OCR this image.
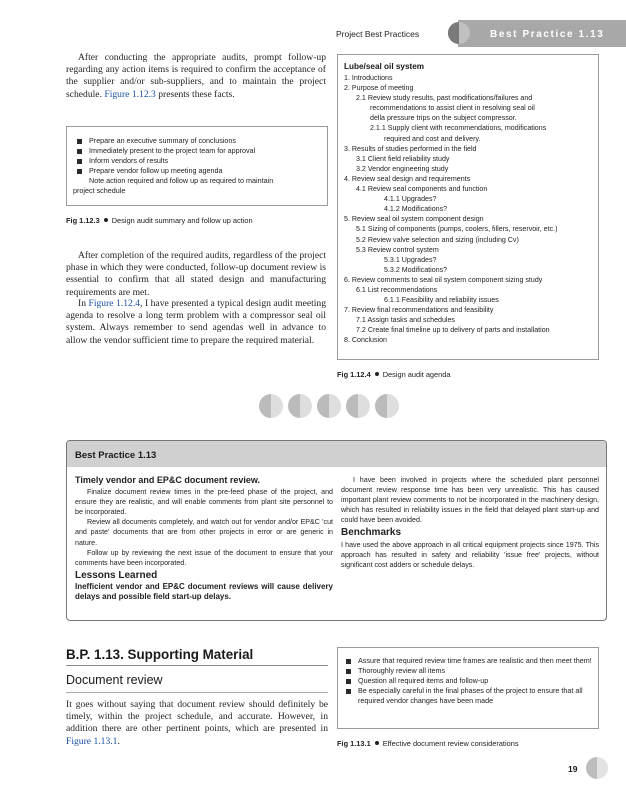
Project Best Practices	Best Practice 1.13

After conducting the appropriate audits, prompt follow-up regarding any action items is required to confirm the acceptance of the supplier and/or sub-suppliers, and to maintain the project schedule. Figure 1.12.3 presents these facts.

Prepare an executive summary of conclusions
Immediately present to the project team for approval
Inform vendors of results
Prepare vendor follow up meeting agenda
Note action required and follow up as required to maintain
project schedule
Fig 1.12.3 Design audit summary and follow up action

After completion of the required audits, regardless of the project phase in which they were conducted, follow-up document review is essential to confirm that all stated design and manufacturing requirements are met.

In Figure 1.12.4, I have presented a typical design audit meeting agenda to resolve a long term problem with a compressor seal oil system. Always remember to send agendas well in advance to allow the vendor sufficient time to prepare the required material.

Lube/seal oil system
1. Introductions
2. Purpose of meeting
2.1 Review study results, past modifications/failures and
recommendations to assist client in resolving seal oil
della pressure trips on the subject compressor.
2.1.1 Supply client with recommendations, modifications
required and cost and delivery.
3. Results of studies performed in the field
3.1 Client field reliability study
3.2 Vendor engineering study
4. Review seal design and requirements
4.1 Review seal components and function
4.1.1 Upgrades?
4.1.2 Modifications?
5. Review seal oil system component design
5.1 Sizing of components (pumps, coolers, fillers, reservoir, etc.)
5.2 Review valve selection and sizing (including Cv)
5.3 Review control system
5.3.1 Upgrades?
5.3.2 Modifications?
6. Review comments to seal oil system component sizing study
6.1 List recommendations
6.1.1 Feasibility and reliability issues
7. Review final recommendations and feasibility
7.1 Assign tasks and schedules
7.2 Create final timeline up to delivery of parts and installation
8. Conclusion
Fig 1.12.4 Design audit agenda
Best Practice 1.13
Timely vendor and EP&C document review.

Finalize document review times in the pre-feed phase of the project, and ensure they are realistic, and will enable comments from plant site personnel to be incorporated.

Review all documents completely, and watch out for vendor and/or EP&C 'cut and paste' documents that are from other projects in error or are generic in nature.

Follow up by reviewing the next issue of the document to ensure that your comments have been incorporated.

Lessons Learned

Inefficient vendor and EP&C document reviews will cause delivery delays and possible field start-up delays.

I have been involved in projects where the scheduled plant personnel document review response time has been very unrealistic. This has caused important plant review comments to not be incorporated in the machinery design, which has resulted in reliability issues in the field that delayed plant start-up and could have been avoided.

Benchmarks

I have used the above approach in all critical equipment projects since 1975. This approach has resulted in safety and reliability 'issue free' projects, without significant cost adders or schedule delays.

B.P. 1.13. Supporting Material
Document review

It goes without saying that document review should definitely be timely, within the project schedule, and accurate. However, in addition there are other pertinent points, which are presented in Figure 1.13.1.

Assure that required review time frames are realistic and then meet them!
Thoroughly review all items
Question all required items and follow-up
Be especially careful in the final phases of the project to ensure that all required vendor changes have been made
Fig 1.13.1 Effective document review considerations
19
